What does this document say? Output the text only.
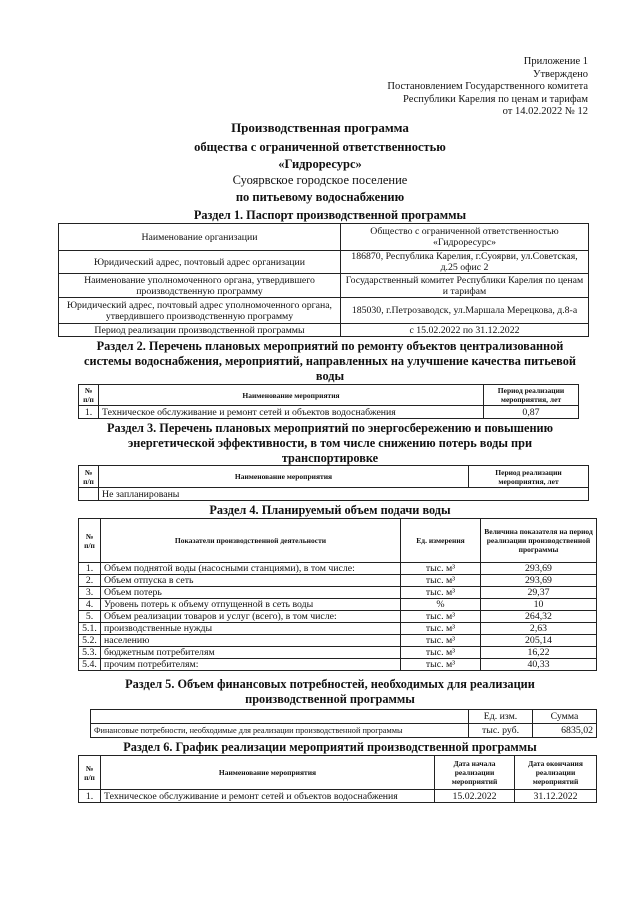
Приложение 1
Утверждено
Постановлением Государственного комитета
Республики Карелия по ценам и тарифам
от 14.02.2022 № 12
Производственная программа
общества с ограниченной ответственностью
«Гидроресурс»
Суоярвское городское поселение
по питьевому водоснабжению
Раздел 1. Паспорт производственной программы
Наименование организации	Общество с ограниченной ответственностью «Гидроресурс»
Юридический адрес, почтовый адрес организации	186870, Республика Карелия, г.Суоярви, ул.Советская, д.25 офис 2
Наименование уполномоченного органа, утвердившего производственную программу	Государственный комитет Республики Карелия по ценам и тарифам
Юридический адрес, почтовый адрес уполномоченного органа, утвердившего производственную программу	185030, г.Петрозаводск, ул.Маршала Мерецкова, д.8-а
Период реализации производственной программы	с 15.02.2022 по 31.12.2022
Раздел 2. Перечень плановых мероприятий по ремонту объектов централизованной системы водоснабжения, мероприятий, направленных на улучшение качества питьевой воды
№ п/п	Наименование мероприятия	Период реализации мероприятия, лет
1.	Техническое обслуживание и ремонт сетей и объектов водоснабжения	0,87
Раздел 3. Перечень плановых мероприятий по энергосбережению и повышению энергетической эффективности, в том числе снижению потерь воды при транспортировке
№ п/п	Наименование мероприятия	Период реализации мероприятия, лет
	Не запланированы	
Раздел 4. Планируемый объем подачи воды
№ п/п	Показатели производственной деятельности	Ед. измерения	Величина показателя на период реализации производственной программы
1.	Объем поднятой воды (насосными станциями), в том числе:	тыс. м³	293,69
2.	Объем отпуска в сеть	тыс. м³	293,69
3.	Объем потерь	тыс. м³	29,37
4.	Уровень потерь к объему отпущенной в сеть воды	%	10
5.	Объем реализации товаров и услуг (всего), в том числе:	тыс. м³	264,32
5.1.	производственные нужды	тыс. м³	2,63
5.2.	населению	тыс. м³	205,14
5.3.	бюджетным потребителям	тыс. м³	16,22
5.4.	прочим потребителям:	тыс. м³	40,33
Раздел 5. Объем финансовых потребностей, необходимых для реализации производственной программы
	Ед. изм.	Сумма
Финансовые потребности, необходимые для реализации производственной программы	тыс. руб.	6835,02
Раздел 6. График реализации мероприятий производственной программы
№ п/п	Наименование мероприятия	Дата начала реализации мероприятий	Дата окончания реализации мероприятий
1.	Техническое обслуживание и ремонт сетей и объектов водоснабжения	15.02.2022	31.12.2022
